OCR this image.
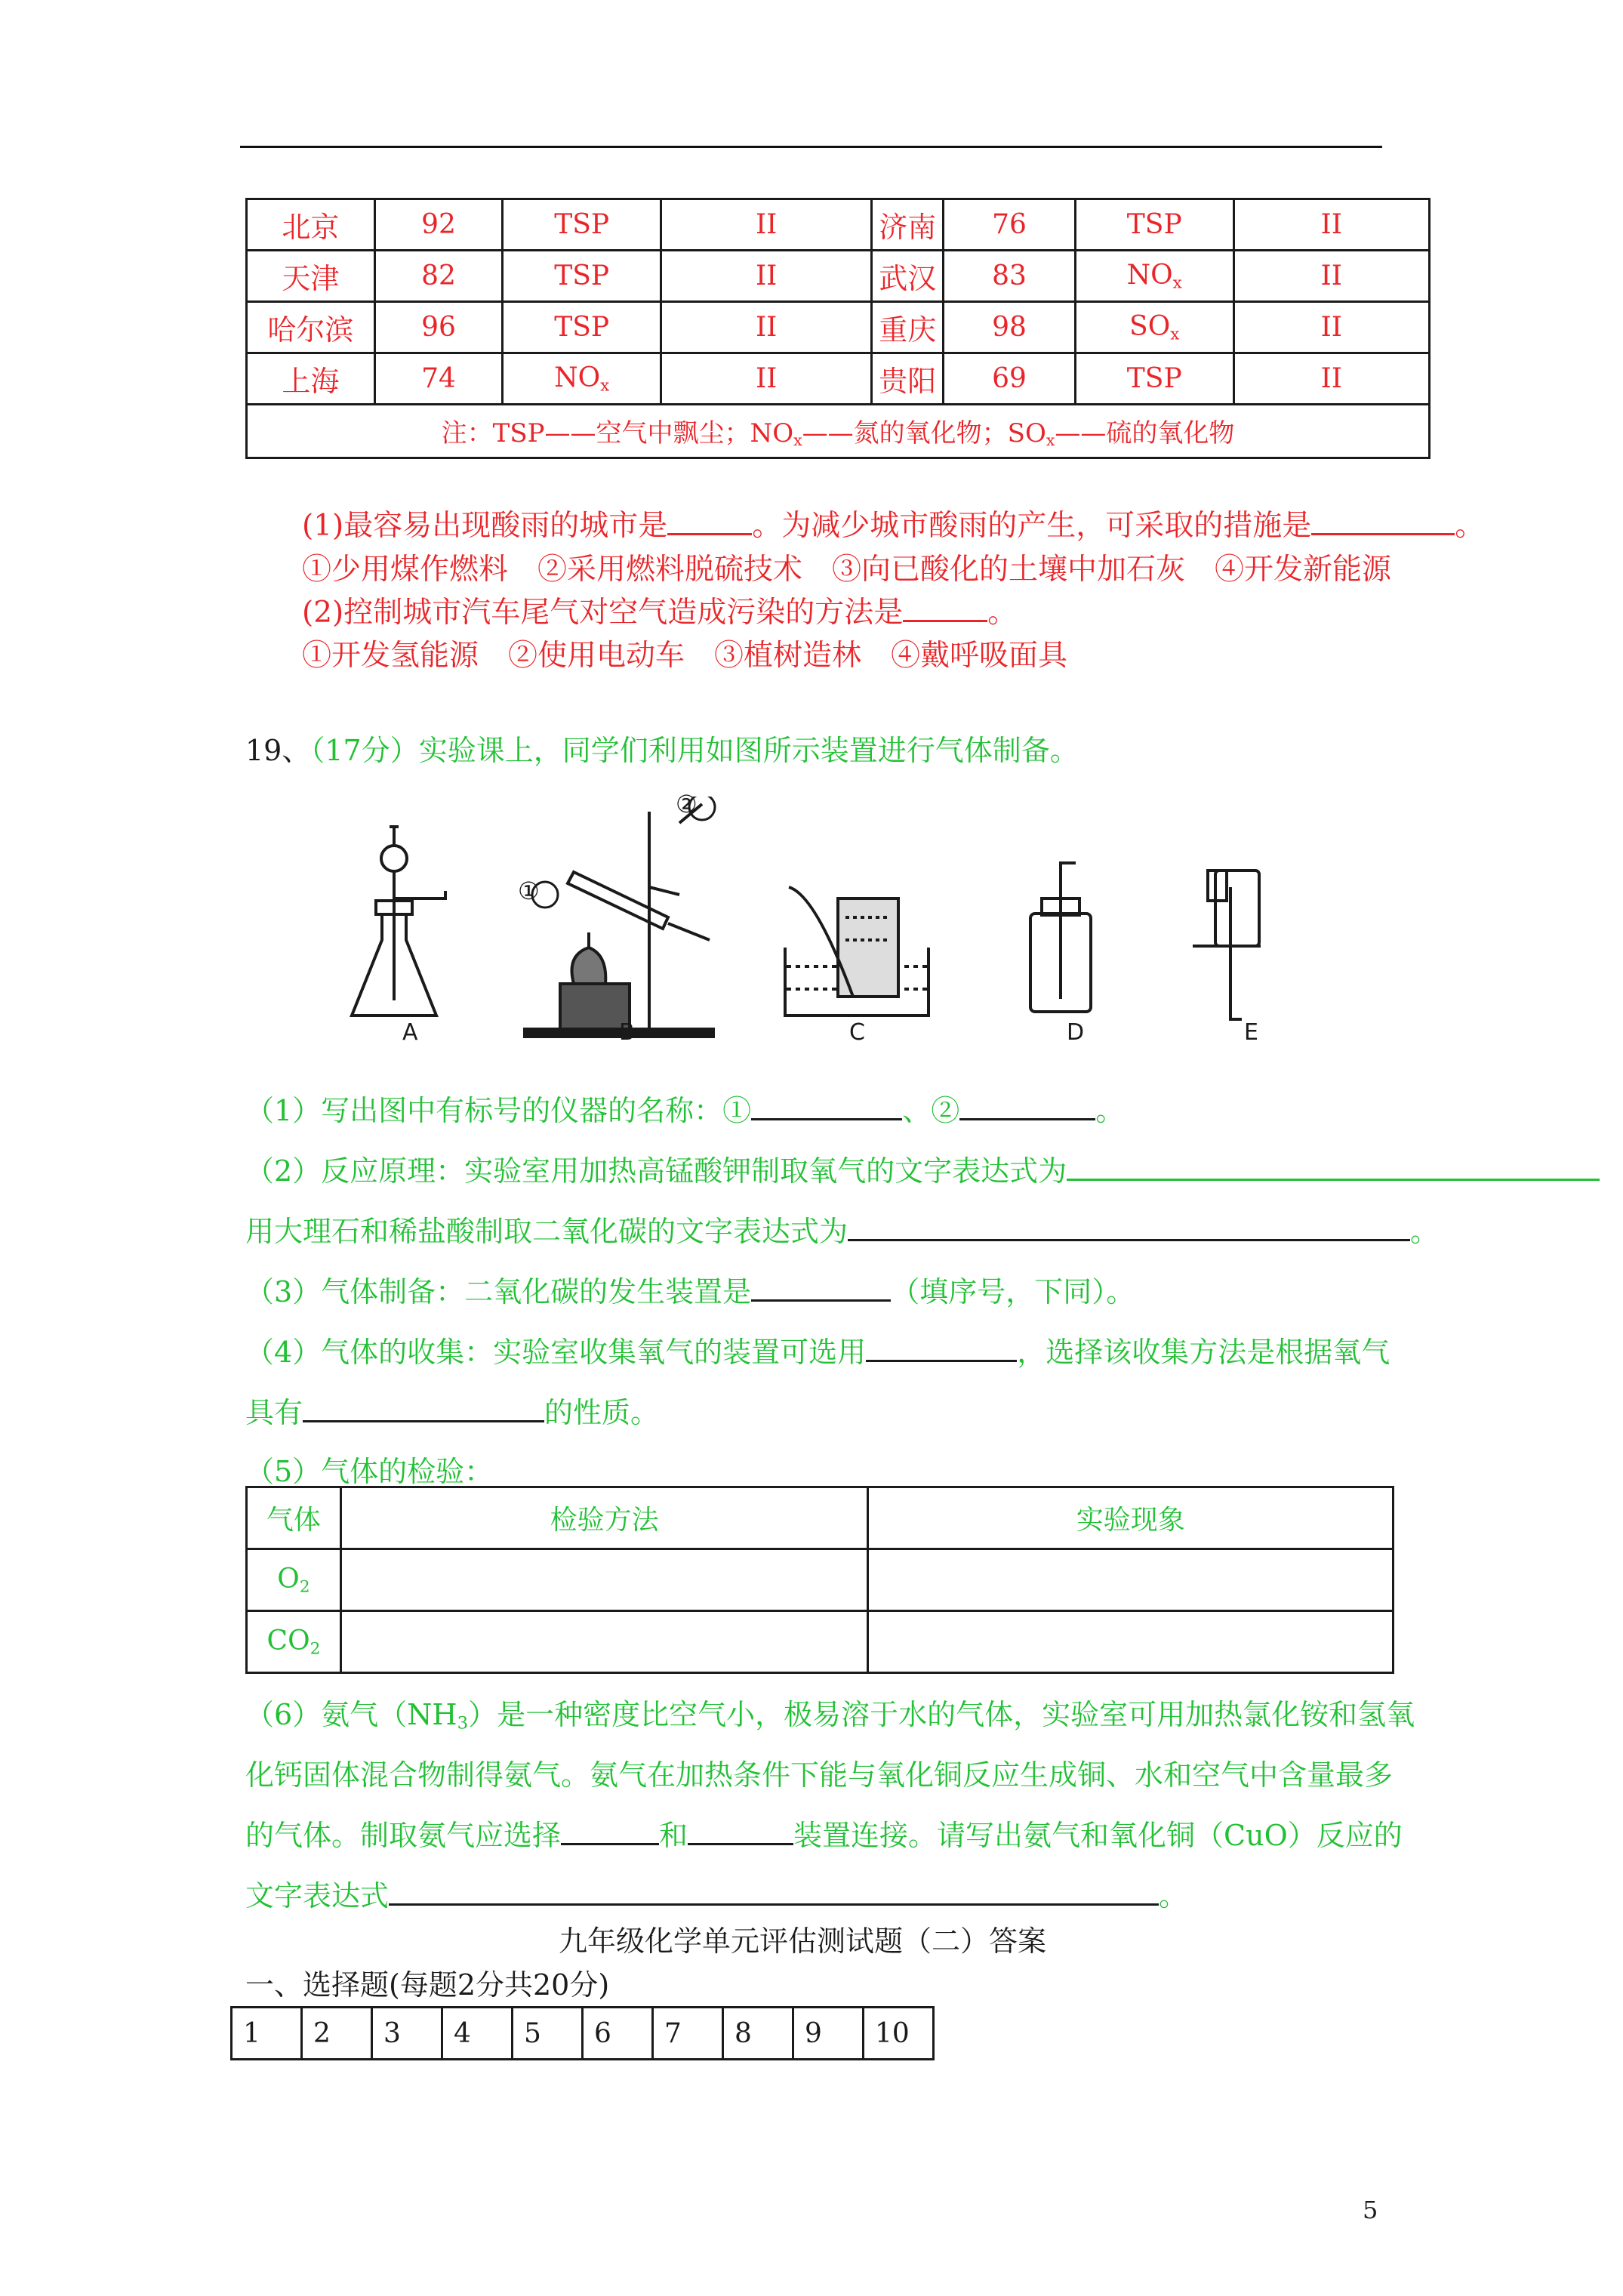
北京	92	TSP	II	济南	76	TSP	II
天津	82	TSP	II	武汉	83	$NO_x$	II
哈尔滨	96	TSP	II	重庆	98	$SO_x$	II
上海	74	$NO_x$	II	贵阳	69	TSP	II
注：TSP——空气中飘尘；$NO_x——$氮的氧化物；$SO_x——$硫的氧化物							
(1)最容易出现酸雨的城市是	。为减少城市酸雨的产生，可采取的措施是	。
①少用煤作燃料　②采用燃料脱硫技术　③向已酸化的土壤中加石灰　④开发新能源
(2)控制城市汽车尾气对空气造成污染的方法是	。
①开发氢能源　②使用电动车　③植树造林　④戴呼吸面具
19、（17分）实验课上，同学们利用如图所示装置进行气体制备。
①
②
A	B	C	D	E
（1）写出图中有标号的仪器的名称：①	、②	。
（2）反应原理：实验室用加热高锰酸钾制取氧气的文字表达式为
用大理石和稀盐酸制取二氧化碳的文字表达式为	。
（3）气体制备：二氧化碳的发生装置是	（填序号，下同）。
（4）气体的收集：实验室收集氧气的装置可选用	，选择该收集方法是根据氧气
具有	的性质。
（5）气体的检验：
气体	检验方法	实验现象
$O_2$		
$CO_2$		
（6）氨气$(NH_3)$是一种密度比空气小，极易溶于水的气体，实验室可用加热氯化铵和氢氧
化钙固体混合物制得氨气。氨气在加热条件下能与氧化铜反应生成铜、水和空气中含量最多
的气体。制取氨气应选择	和	装置连接。请写出氨气和氧化铜（CuO）反应的
文字表达式	。
九年级化学单元评估测试题（二）答案
一、选择题(每题2分共20分)
1	2	3	4	5	6	7	8	9	10
5
